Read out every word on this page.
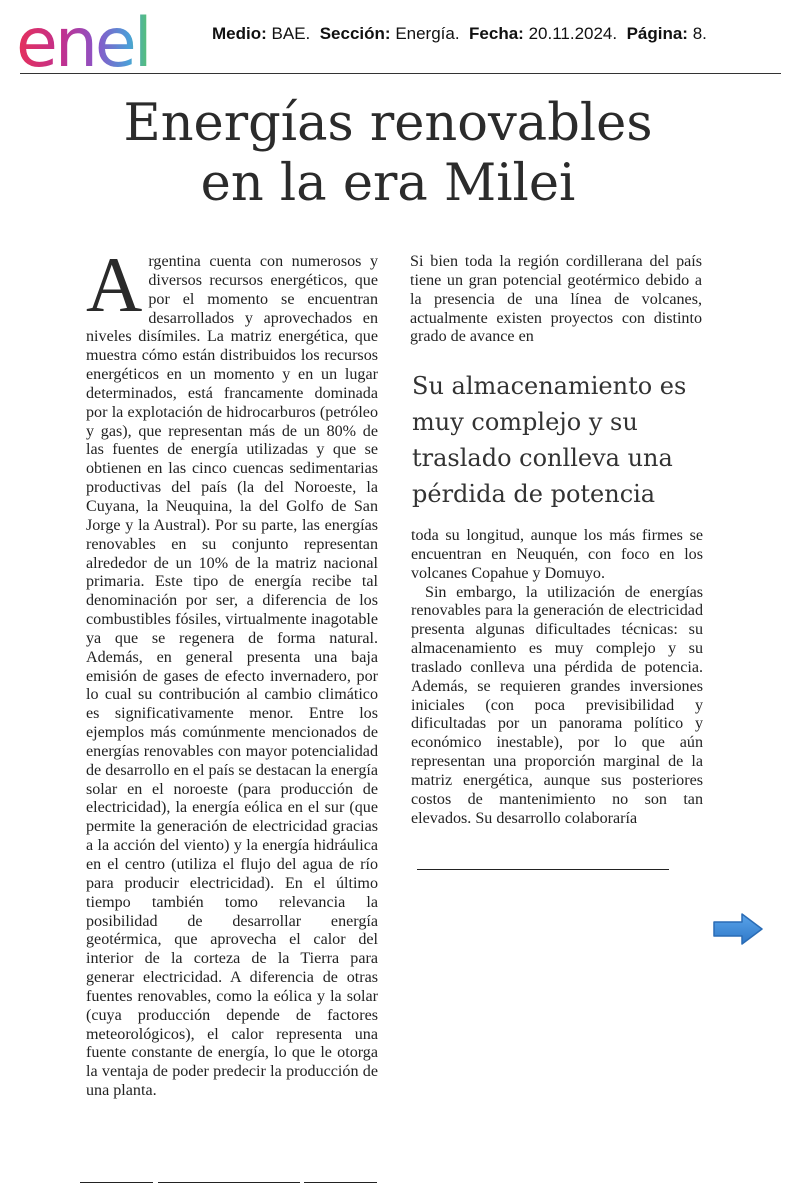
enel	Medio: BAE. Sección: Energía. Fecha: 20.11.2024. Página: 8.
Energías renovables
en la era Milei
A rgentina cuenta con numerosos y diversos recursos energéticos, que por el momento se encuentran desarrollados y aprovechados en niveles disímiles. La matriz energética, que muestra cómo están distribuidos los recursos energéticos en un momento y en un lugar determinados, está francamente dominada por la explotación de hidrocarburos (petróleo y gas), que representan más de un 80% de las fuentes de energía utilizadas y que se obtienen en las cinco cuencas sedimentarias productivas del país (la del Noroeste, la Cuyana, la Neuquina, la del Golfo de San Jorge y la Austral). Por su parte, las energías renovables en su conjunto representan alrededor de un 10% de la matriz nacional primaria. Este tipo de energía recibe tal denominación por ser, a diferencia de los combustibles fósiles, virtualmente inagotable ya que se regenera de forma natural. Además, en general presenta una baja emisión de gases de efecto invernadero, por lo cual su contribución al cambio climático es significativamente menor. Entre los ejemplos más comúnmente mencionados de energías renovables con mayor potencialidad de desarrollo en el país se destacan la energía solar en el noroeste (para producción de electricidad), la energía eólica en el sur (que permite la generación de electricidad gracias a la acción del viento) y la energía hidráulica en el centro (utiliza el flujo del agua de río para producir electricidad). En el último tiempo también tomo relevancia la posibilidad de desarrollar energía geotérmica, que aprovecha el calor del interior de la corteza de la Tierra para generar electricidad. A diferencia de otras fuentes renovables, como la eólica y la solar (cuya producción depende de factores meteorológicos), el calor representa una fuente constante de energía, lo que le otorga la ventaja de poder predecir la producción de una planta.
Si bien toda la región cordillerana del país tiene un gran potencial geotérmico debido a la presencia de una línea de volcanes, actualmente existen proyectos con distinto grado de avance en
Su almacenamiento es muy complejo y su traslado conlleva una pérdida de potencia
toda su longitud, aunque los más firmes se encuentran en Neuquén, con foco en los volcanes Copahue y Domuyo.
Sin embargo, la utilización de energías renovables para la generación de electricidad presenta algunas dificultades técnicas: su almacenamiento es muy complejo y su traslado conlleva una pérdida de potencia. Además, se requieren grandes inversiones iniciales (con poca previsibilidad y dificultadas por un panorama político y económico inestable), por lo que aún representan una proporción marginal de la matriz energética, aunque sus posteriores costos de mantenimiento no son tan elevados. Su desarrollo colaboraría
